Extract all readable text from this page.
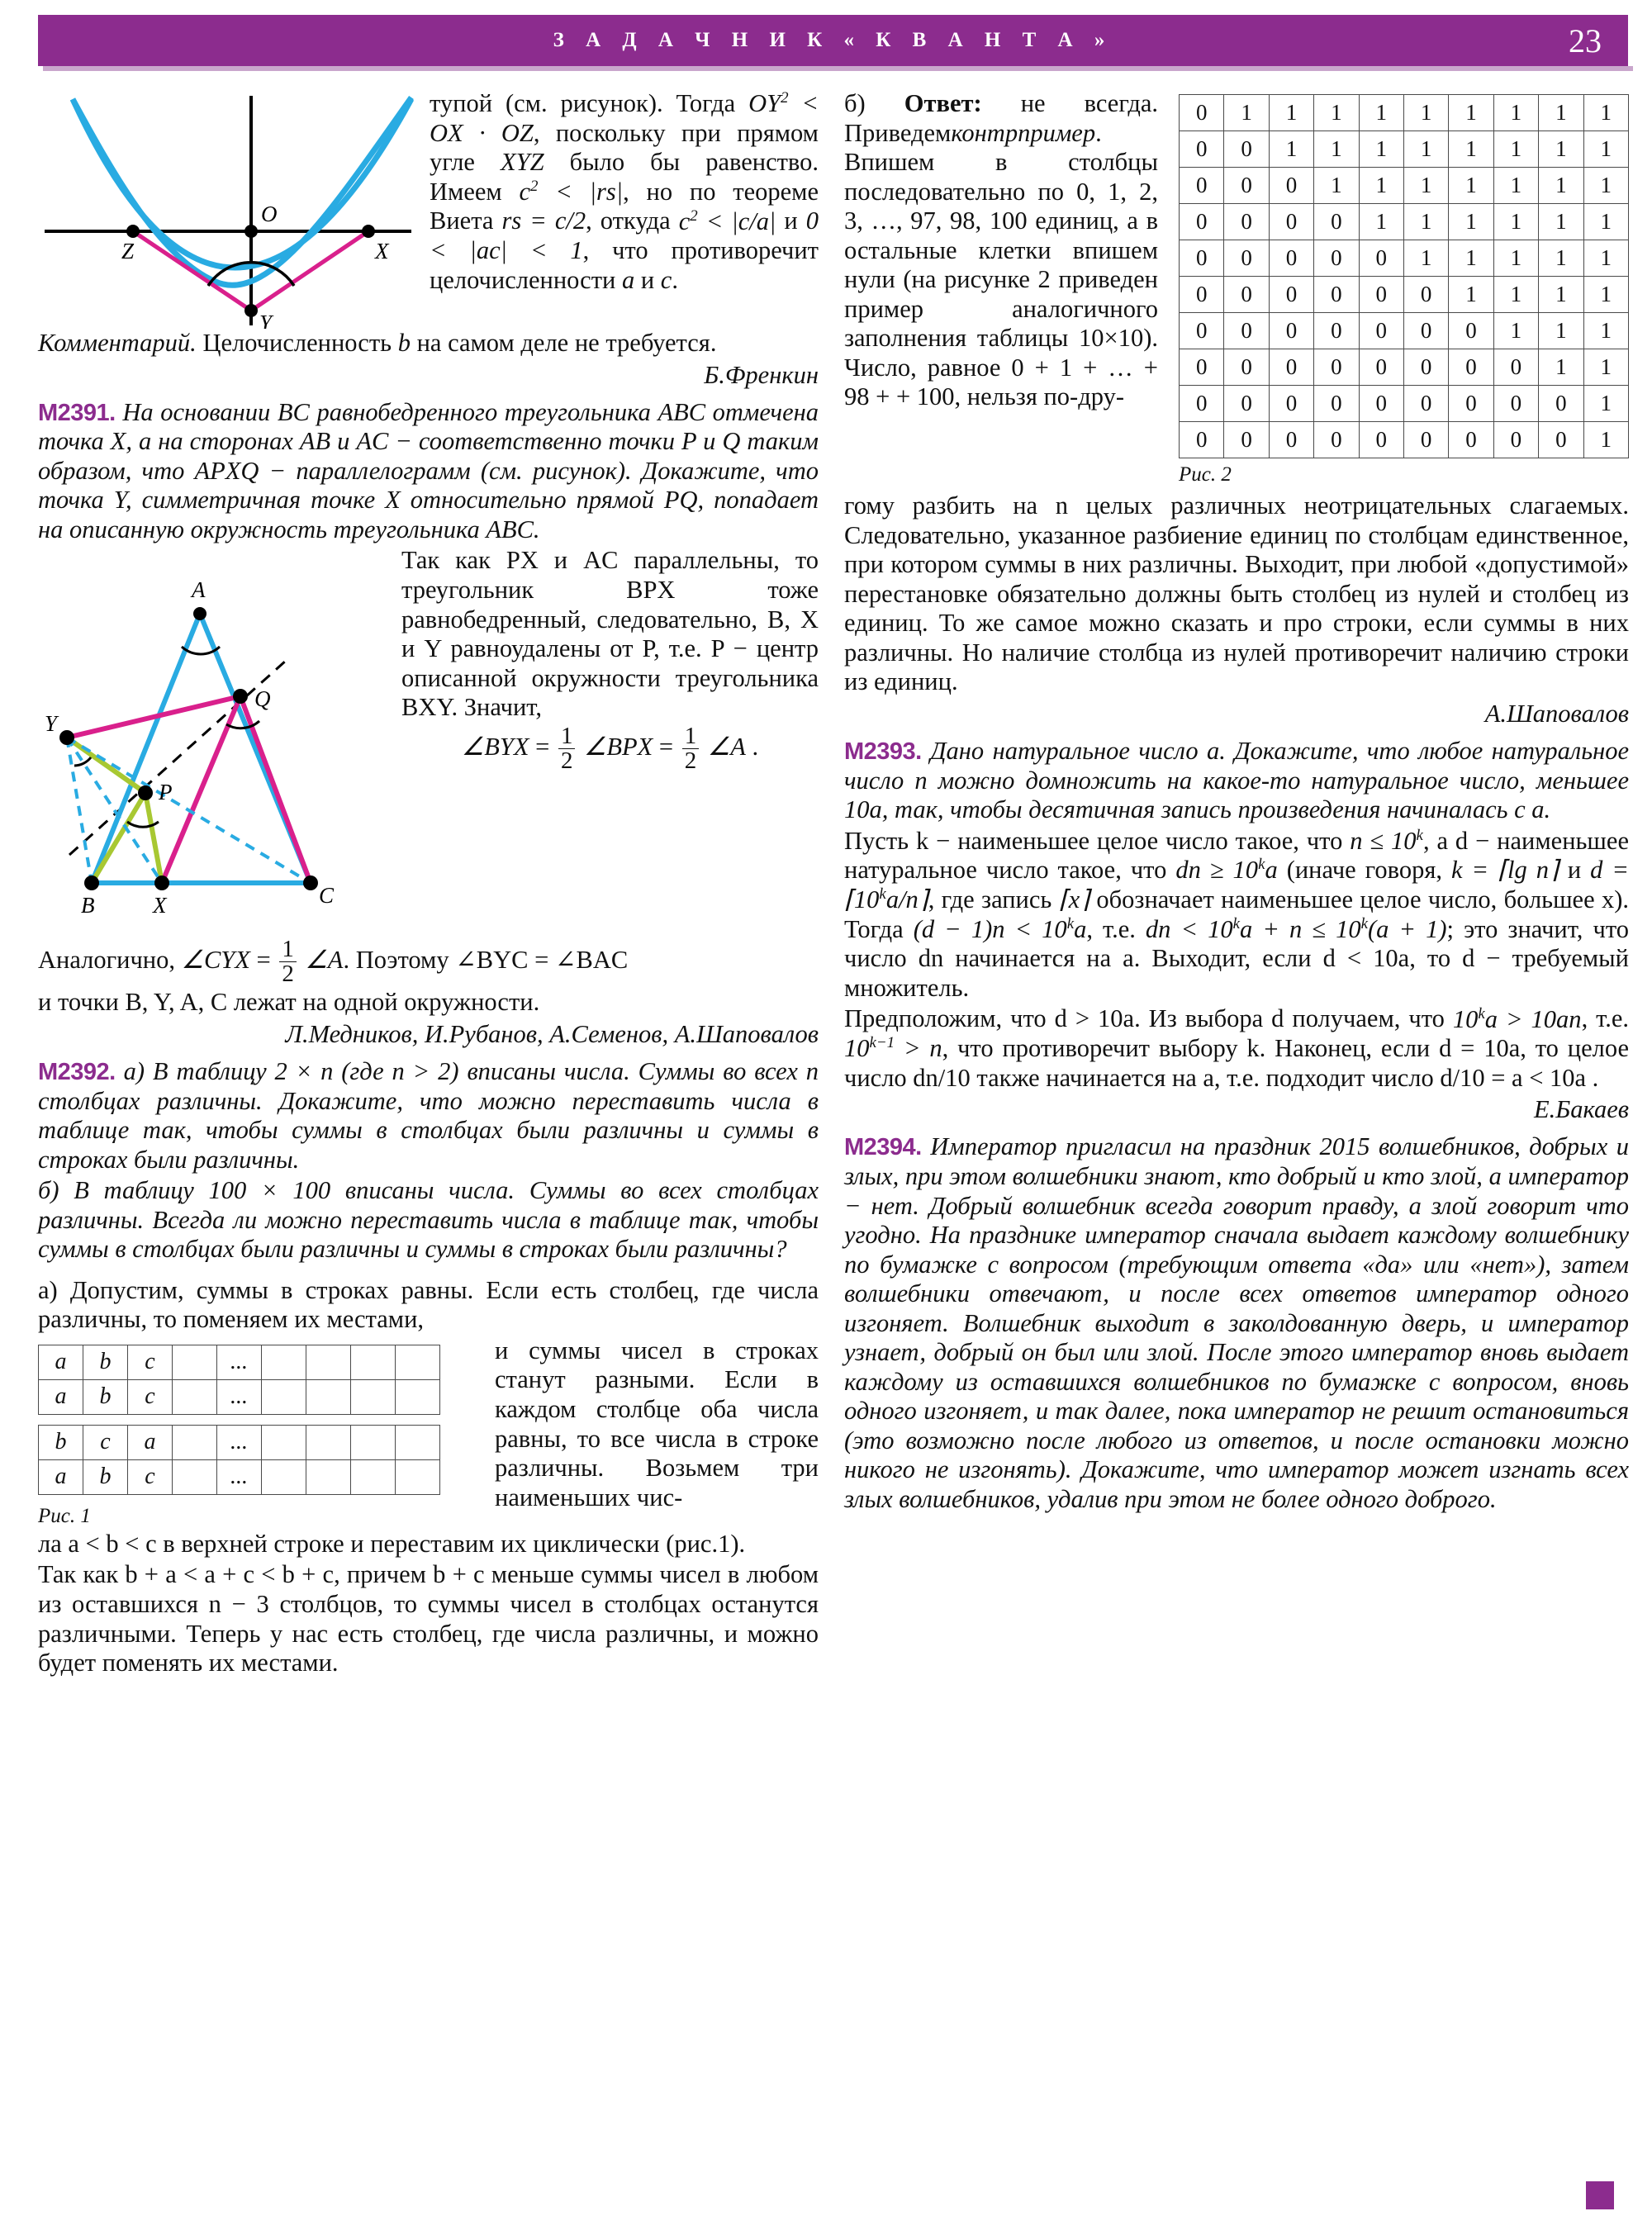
З А Д А Ч Н И К « К В А Н Т А »	23
Z
O
X
Y

тупой (см. рисунок). Тогда $OY^2$ < OX · OZ, поскольку при прямом угле XYZ было бы равенство. Имеем $c^2 < |rs|$, но по теореме Виета rs = c/2, откуда $c^2 < |c/a|$ и 0 < |ac| < 1, что противоречит целочисленности a и c.

Комментарий. Целочисленность b на самом деле не требуется.

Б.Френкин

M2391. На основании BC равнобедренного треугольника ABC отмечена точка X, а на сторонах AB и AC − соответственно точки P и Q таким образом, что APXQ − параллелограмм (см. рисунок). Докажите, что точка Y, симметричная точке X относительно прямой PQ, попадает на описанную окружность треугольника ABC.

A
Q
Y
P
B	X	C

Так как PX и AC параллельны, то треугольник BPX тоже равнобедренный, следовательно, B, X и Y равноудалены от P, т.е. P − центр описанной окружности треугольника BXY. Значит,

∠BYX = $\frac{1}{2}$ ∠BPX = $\frac{1}{2}$ ∠A .

Аналогично, ∠CYX = $\frac{1}{2}$ ∠A. Поэтому ∠BYC = ∠BAC

и точки B, Y, A, C лежат на одной окружности.

Л.Медников, И.Рубанов, А.Семенов, А.Шаповалов

M2392. а) В таблицу 2 × n (где n > 2) вписаны числа. Суммы во всех n столбцах различны. Докажите, что можно переставить числа в таблице так, чтобы суммы в столбцах были различны и суммы в строках были различны.

б) В таблицу 100 × 100 вписаны числа. Суммы во всех столбцах различны. Всегда ли можно переставить числа в таблице так, чтобы суммы в столбцах были различны и суммы в строках были различны?

а) Допустим, суммы в строках равны. Если есть столбец, где числа различны, то поменяем их местами,

a	b	c		...				
a	b	c		...				
b	c	a		...				
a	b	c		...				
Рис. 1

и суммы чисел в строках станут разными. Если в каждом столбце оба числа равны, то все числа в строке различны. Возьмем три наименьших чис-

ла a < b < c в верхней строке и переставим их циклически (рис.1).

Так как b + a < a + c < b + c, причем b + c меньше суммы чисел в любом из оставшихся n − 3 столбцов, то суммы чисел в столбцах останутся различными. Теперь у нас есть столбец, где числа различны, и можно будет поменять их местами.

0	1	1	1	1	1	1	1	1	1
0	0	1	1	1	1	1	1	1	1
0	0	0	1	1	1	1	1	1	1
0	0	0	0	1	1	1	1	1	1
0	0	0	0	0	1	1	1	1	1
0	0	0	0	0	0	1	1	1	1
0	0	0	0	0	0	0	1	1	1
0	0	0	0	0	0	0	0	1	1
0	0	0	0	0	0	0	0	0	1
0	0	0	0	0	0	0	0	0	1
Рис. 2

б) Ответ: не всегда. Приведемконтрпример. Впишем в столбцы последовательно по 0, 1, 2, 3, …, 97, 98, 100 единиц, а в остальные клетки впишем нули (на рисунке 2 приведен пример аналогичного заполнения таблицы 10×10). Число, равное 0 + 1 + … + 98 + + 100, нельзя по-дру-

гому разбить на n целых различных неотрицательных слагаемых. Следовательно, указанное разбиение единиц по столбцам единственное, при котором суммы в них различны. Выходит, при любой «допустимой» перестановке обязательно должны быть столбец из нулей и столбец из единиц. То же самое можно сказать и про строки, если суммы в них различны. Но наличие столбца из нулей противоречит наличию строки из единиц.

А.Шаповалов

M2393. Дано натуральное число a. Докажите, что любое натуральное число n можно домножить на какое-то натуральное число, меньшее 10a, так, чтобы десятичная запись произведения начиналась с a.

Пусть k − наименьшее целое число такое, что $n \le 10^k$, а d − наименьшее натуральное число такое, что dn ≥ $10^ka$ (иначе говоря, k = ⌈lg n⌉ и $d = ⌈10^ka/n⌉$, где запись ⌈x⌉ обозначает наименьшее целое число, большее x). Тогда $(d - 1)n < 10^ka$, т.е. dn < $10^ka + n \le 10^k(a + 1)$; это значит, что число dn начинается на a. Выходит, если d < 10a, то d − требуемый множитель.

Предположим, что d > 10a. Из выбора d получаем, что $10^ka > 10an$, т.е. $10^{k-1} > n$, что противоречит выбору k. Наконец, если d = 10a, то целое число dn/10 также начинается на a, т.е. подходит число d/10 = a < 10a .

Е.Бакаев

M2394. Император пригласил на праздник 2015 волшебников, добрых и злых, при этом волшебники знают, кто добрый и кто злой, а император − нет. Добрый волшебник всегда говорит правду, а злой говорит что угодно. На празднике император сначала выдает каждому волшебнику по бумажке с вопросом (требующим ответа «да» или «нет»), затем волшебники отвечают, и после всех ответов император одного изгоняет. Волшебник выходит в заколдованную дверь, и император узнает, добрый он был или злой. После этого император вновь выдает каждому из оставшихся волшебников по бумажке с вопросом, вновь одного изгоняет, и так далее, пока император не решит остановиться (это возможно после любого из ответов, и после остановки можно никого не изгонять). Докажите, что император может изгнать всех злых волшебников, удалив при этом не более одного доброго.
